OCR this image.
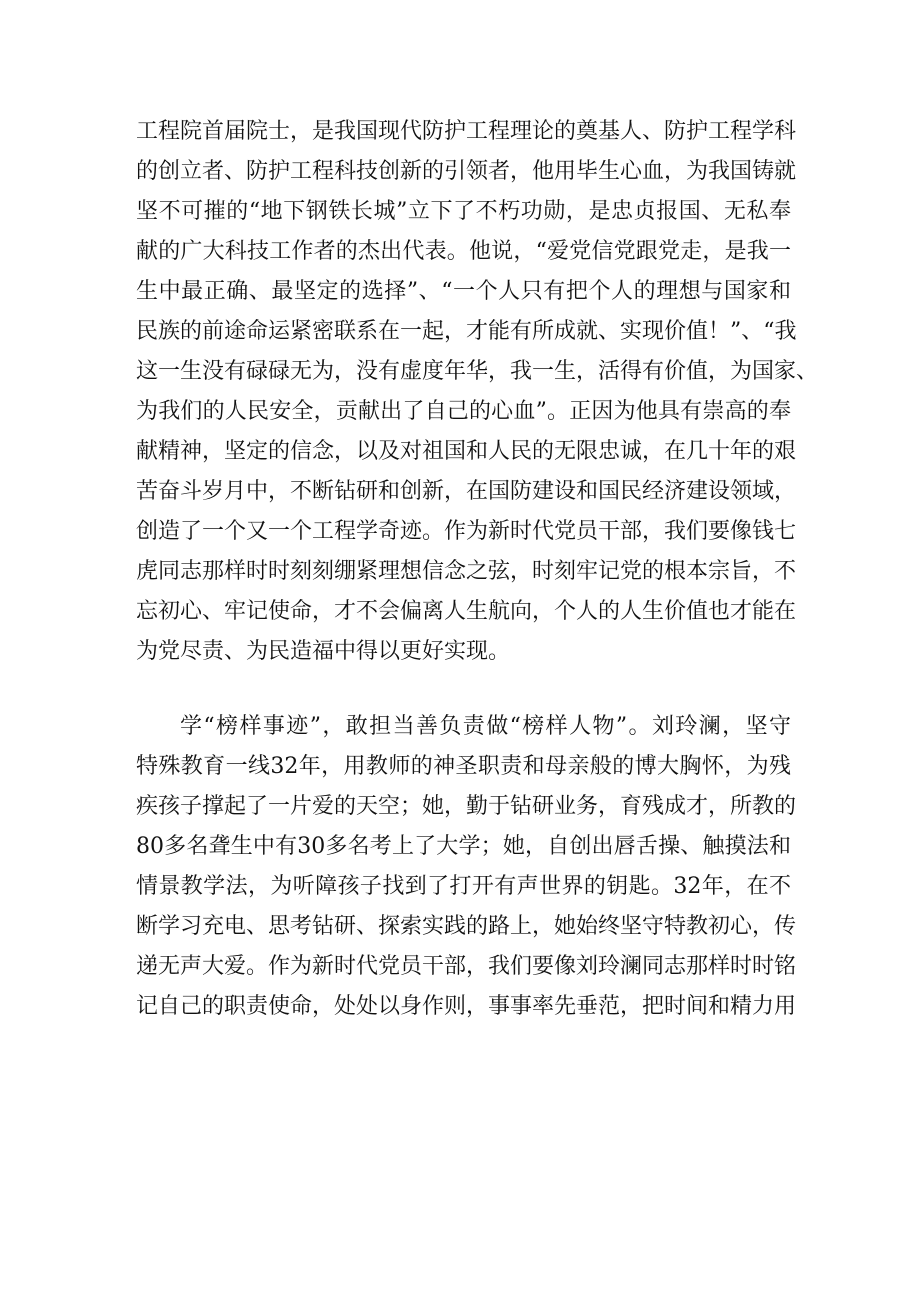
工程院首届院士，是我国现代防护工程理论的奠基人、防护工程学科
的创立者、防护工程科技创新的引领者，他用毕生心血，为我国铸就
坚不可摧的“地下钢铁长城”立下了不朽功勋，是忠贞报国、无私奉
献的广大科技工作者的杰出代表。他说，“爱党信党跟党走，是我一
生中最正确、最坚定的选择”、“一个人只有把个人的理想与国家和
民族的前途命运紧密联系在一起，才能有所成就、实现价值！”、“我
这一生没有碌碌无为，没有虚度年华，我一生，活得有价值，为国家、
为我们的人民安全，贡献出了自己的心血”。正因为他具有崇高的奉
献精神，坚定的信念，以及对祖国和人民的无限忠诚，在几十年的艰
苦奋斗岁月中，不断钻研和创新，在国防建设和国民经济建设领域，
创造了一个又一个工程学奇迹。作为新时代党员干部，我们要像钱七
虎同志那样时时刻刻绷紧理想信念之弦，时刻牢记党的根本宗旨，不
忘初心、牢记使命，才不会偏离人生航向，个人的人生价值也才能在
为党尽责、为民造福中得以更好实现。
学“榜样事迹”，敢担当善负责做“榜样人物”。刘玲澜，坚守
特殊教育一线32年，用教师的神圣职责和母亲般的博大胸怀，为残
疾孩子撑起了一片爱的天空；她，勤于钻研业务，育残成才，所教的
80多名聋生中有30多名考上了大学；她，自创出唇舌操、触摸法和
情景教学法，为听障孩子找到了打开有声世界的钥匙。32年，在不
断学习充电、思考钻研、探索实践的路上，她始终坚守特教初心，传
递无声大爱。作为新时代党员干部，我们要像刘玲澜同志那样时时铭
记自己的职责使命，处处以身作则，事事率先垂范，把时间和精力用
